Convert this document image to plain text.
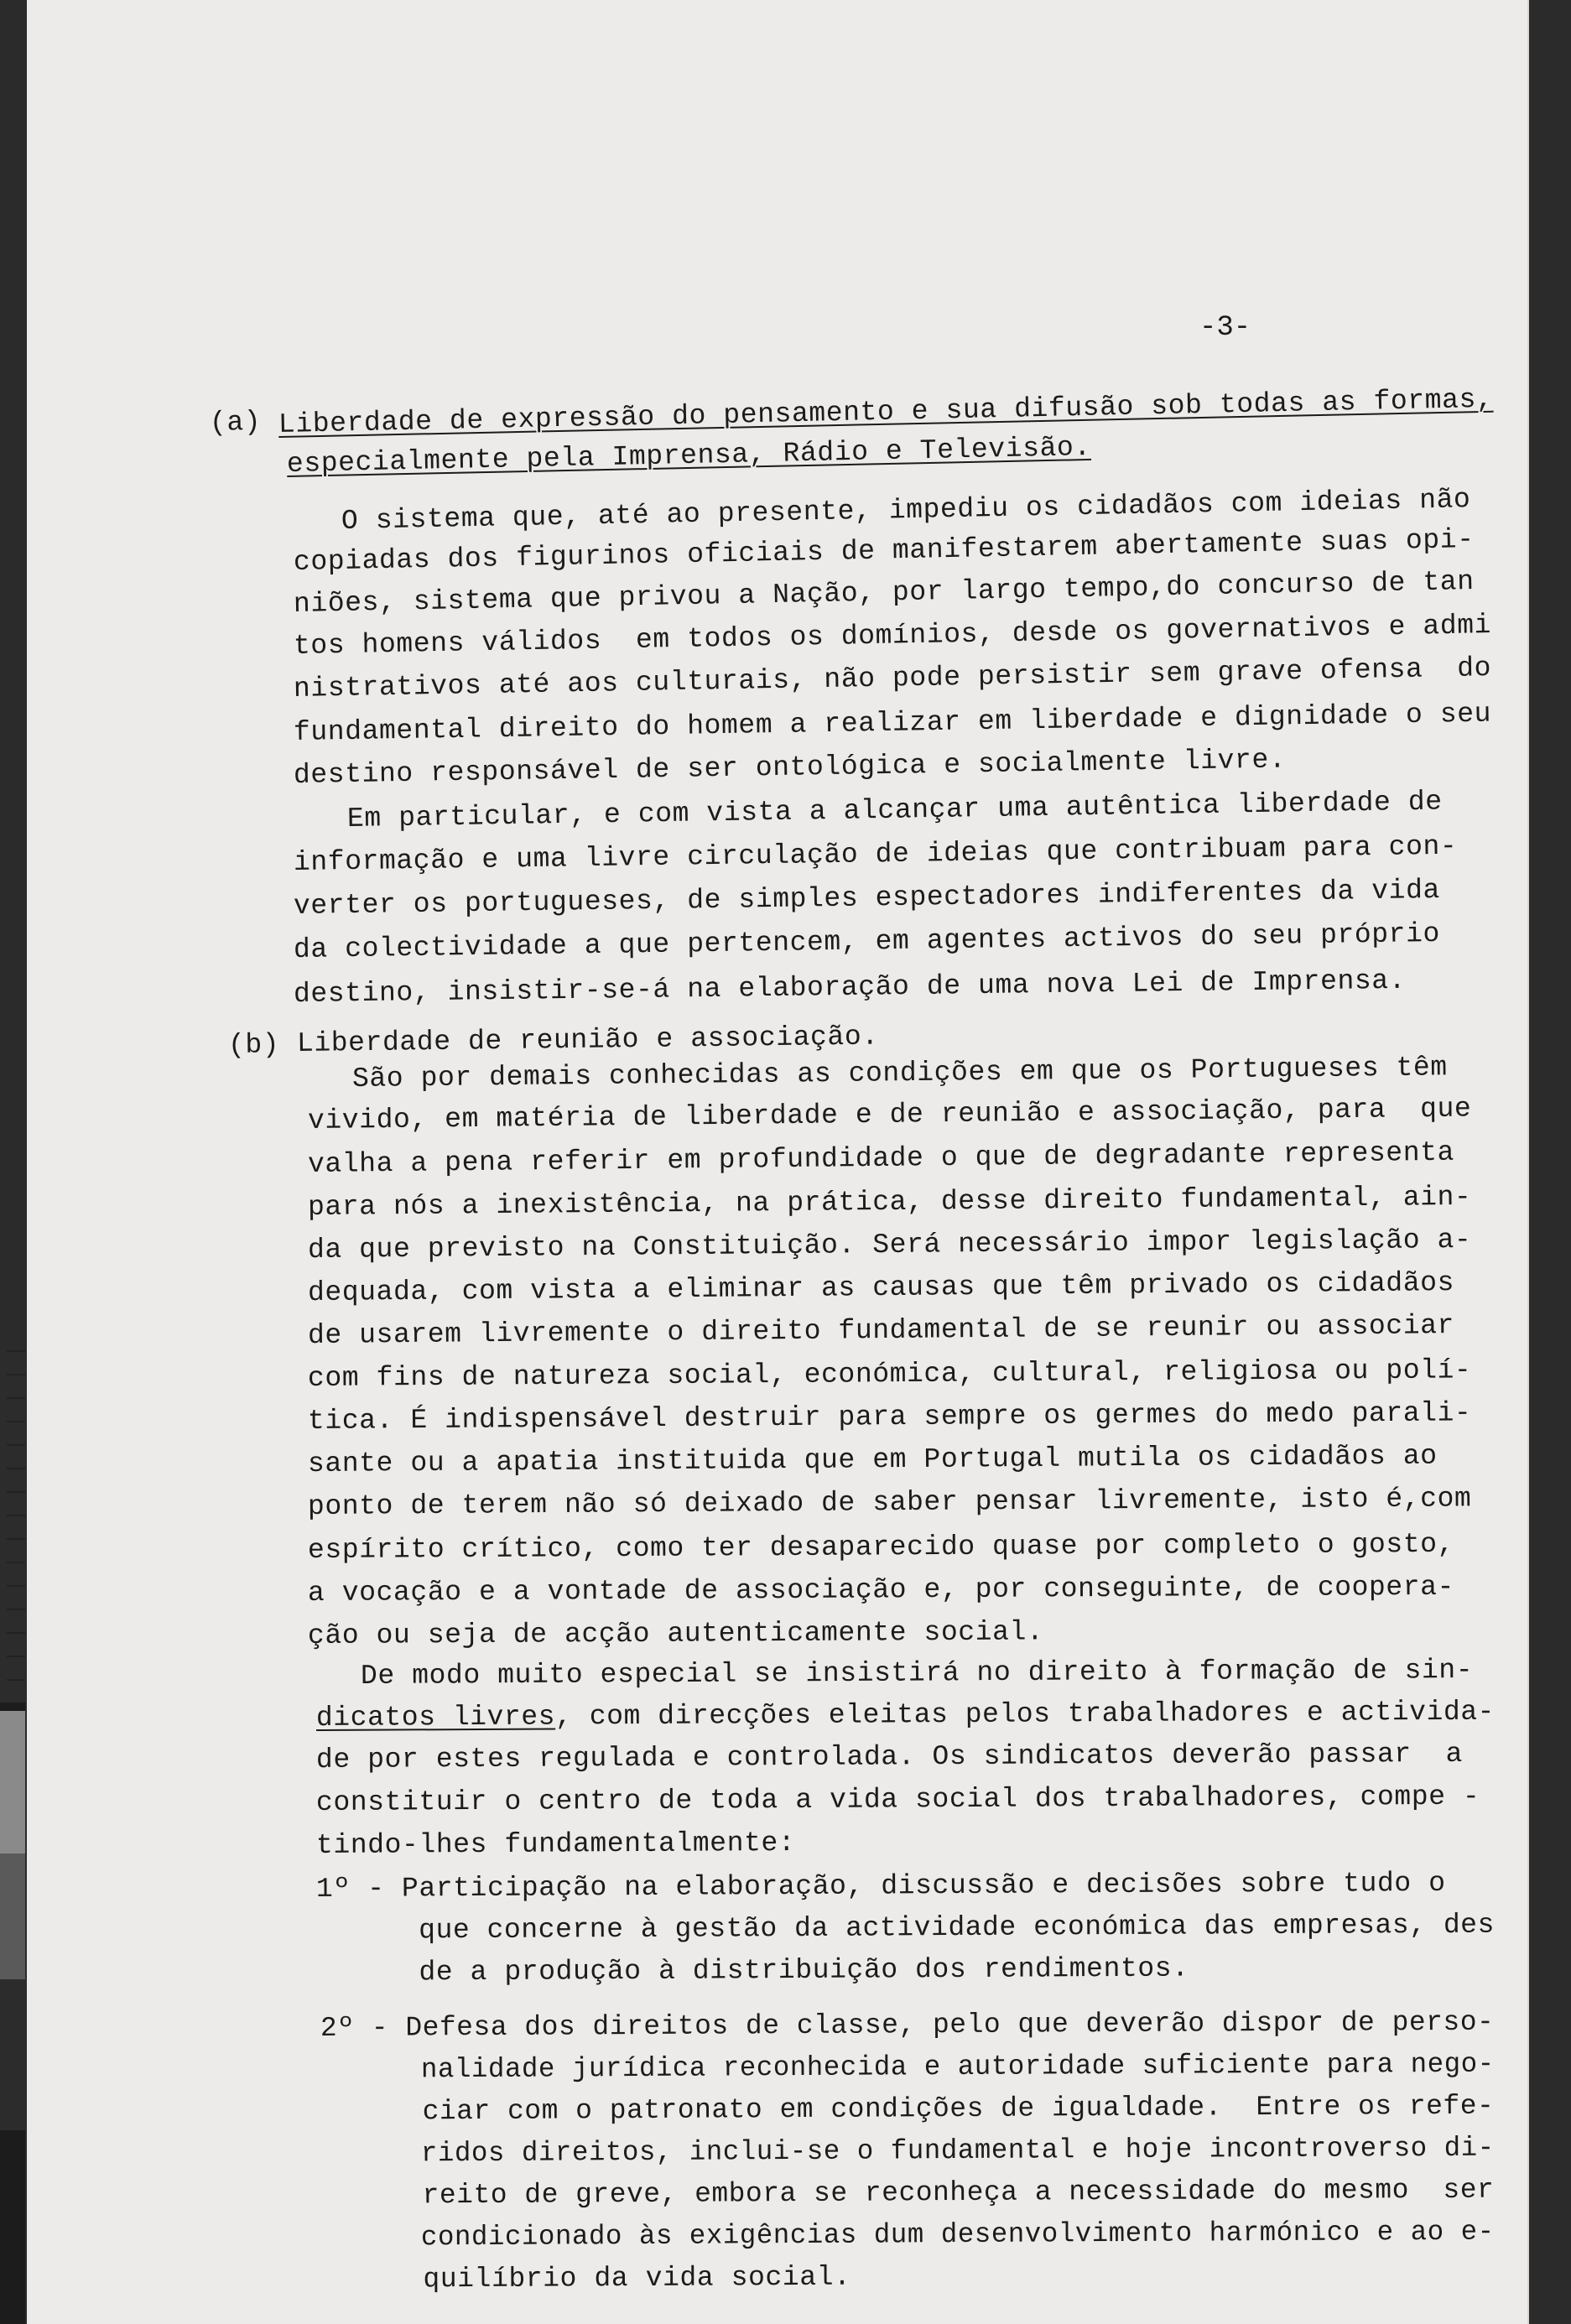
-3-
(a) Liberdade de expressão do pensamento e sua difusão sob todas as formas,
especialmente pela Imprensa, Rádio e Televisão.
O sistema que, até ao presente, impediu os cidadãos com ideias não
copiadas dos figurinos oficiais de manifestarem abertamente suas opi-
niões, sistema que privou a Nação, por largo tempo,do concurso de tan
tos homens válidos  em todos os domínios, desde os governativos e admi
nistrativos até aos culturais, não pode persistir sem grave ofensa  do
fundamental direito do homem a realizar em liberdade e dignidade o seu
destino responsável de ser ontológica e socialmente livre.
Em particular, e com vista a alcançar uma autêntica liberdade de
informação e uma livre circulação de ideias que contribuam para con-
verter os portugueses, de simples espectadores indiferentes da vida
da colectividade a que pertencem, em agentes activos do seu próprio
destino, insistir-se-á na elaboração de uma nova Lei de Imprensa.
(b) Liberdade de reunião e associação.
São por demais conhecidas as condições em que os Portugueses têm
vivido, em matéria de liberdade e de reunião e associação, para  que
valha a pena referir em profundidade o que de degradante representa
para nós a inexistência, na prática, desse direito fundamental, ain-
da que previsto na Constituição. Será necessário impor legislação a-
dequada, com vista a eliminar as causas que têm privado os cidadãos
de usarem livremente o direito fundamental de se reunir ou associar
com fins de natureza social, económica, cultural, religiosa ou polí-
tica. É indispensável destruir para sempre os germes do medo parali-
sante ou a apatia instituida que em Portugal mutila os cidadãos ao
ponto de terem não só deixado de saber pensar livremente, isto é,com
espírito crítico, como ter desaparecido quase por completo o gosto,
a vocação e a vontade de associação e, por conseguinte, de coopera-
ção ou seja de acção autenticamente social.
De modo muito especial se insistirá no direito à formação de sin-
dicatos livres, com direcções eleitas pelos trabalhadores e activida-
de por estes regulada e controlada. Os sindicatos deverão passar  a
constituir o centro de toda a vida social dos trabalhadores, compe -
tindo-lhes fundamentalmente:
1º - Participação na elaboração, discussão e decisões sobre tudo o
que concerne à gestão da actividade económica das empresas, des
de a produção à distribuição dos rendimentos.
2º - Defesa dos direitos de classe, pelo que deverão dispor de perso-
nalidade jurídica reconhecida e autoridade suficiente para nego-
ciar com o patronato em condições de igualdade.  Entre os refe-
ridos direitos, inclui-se o fundamental e hoje incontroverso di-
reito de greve, embora se reconheça a necessidade do mesmo  ser
condicionado às exigências dum desenvolvimento harmónico e ao e-
quilíbrio da vida social.
